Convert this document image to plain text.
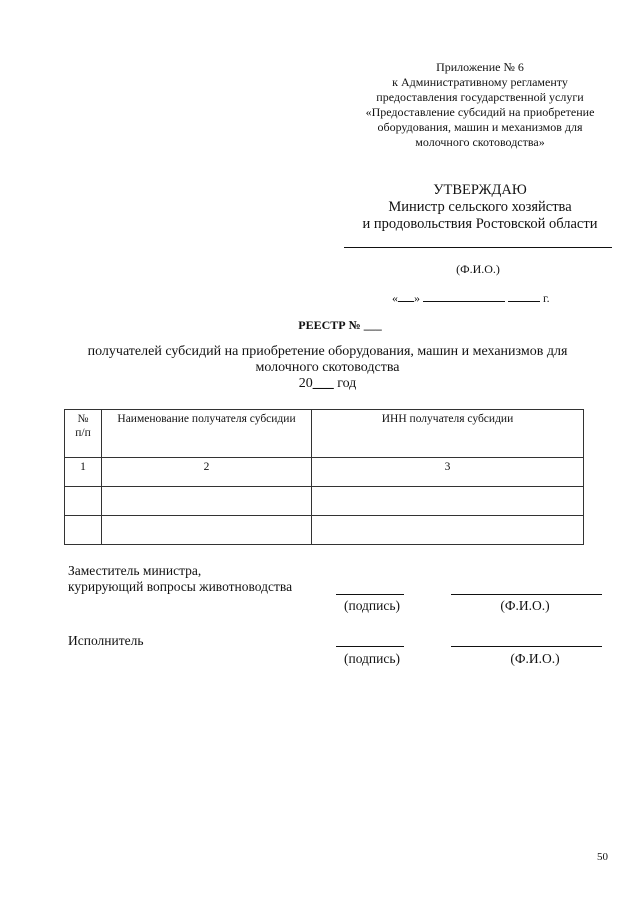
Приложение № 6
к Административному регламенту
предоставления государственной услуги
«Предоставление субсидий на приобретение
оборудования, машин и механизмов для
молочного скотоводства»
УТВЕРЖДАЮ
Министр сельского хозяйства
и продовольствия Ростовской области
(Ф.И.О.)
« »	г.
РЕЕСТР № ___
получателей субсидий на приобретение оборудования, машин и механизмов для
молочного скотоводства
20___ год
№ п/п	Наименование получателя субсидии	ИНН получателя субсидии
1	2	3

Заместитель министра,
курирующий вопросы животноводства
(подпись)	(Ф.И.О.)
Исполнитель
(подпись)	(Ф.И.О.)
50
